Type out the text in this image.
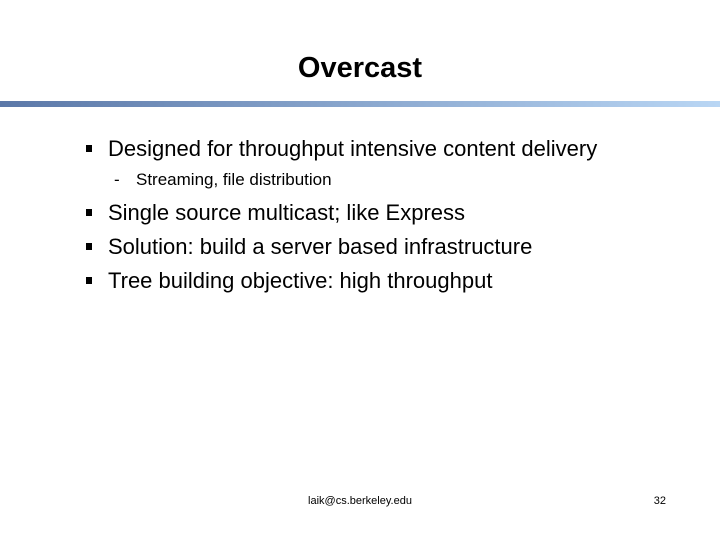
Overcast
Designed for throughput intensive content delivery
- Streaming, file distribution
Single source multicast; like Express
Solution: build a server based infrastructure
Tree building objective: high throughput
laik@cs.berkeley.edu	32
